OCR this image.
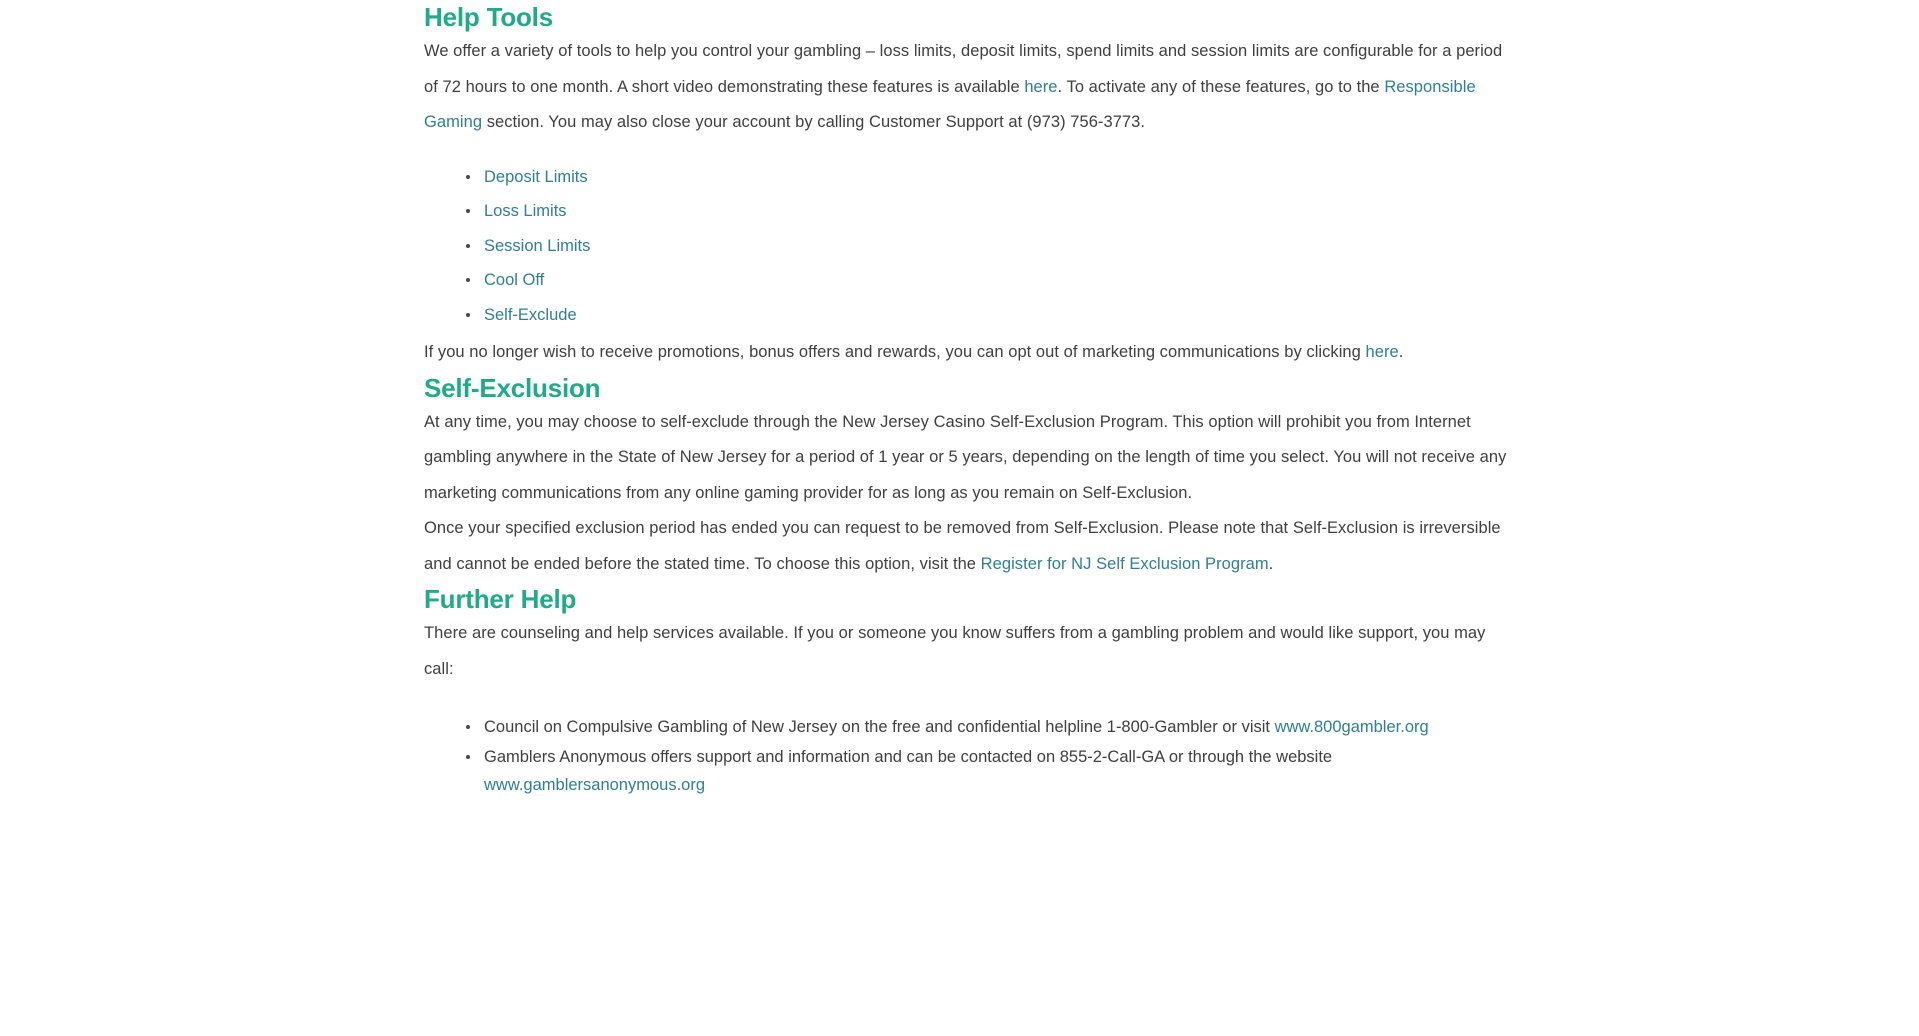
Help Tools

We offer a variety of tools to help you control your gambling – loss limits, deposit limits, spend limits and session limits are configurable for a period of 72 hours to one month. A short video demonstrating these features is available here. To activate any of these features, go to the Responsible Gaming section. You may also close your account by calling Customer Support at (973) 756-3773.

Deposit Limits
Loss Limits
Session Limits
Cool Off
Self-Exclude

If you no longer wish to receive promotions, bonus offers and rewards, you can opt out of marketing communications by clicking here.

Self-Exclusion

At any time, you may choose to self-exclude through the New Jersey Casino Self-Exclusion Program. This option will prohibit you from Internet gambling anywhere in the State of New Jersey for a period of 1 year or 5 years, depending on the length of time you select. You will not receive any marketing communications from any online gaming provider for as long as you remain on Self-Exclusion.

Once your specified exclusion period has ended you can request to be removed from Self-Exclusion. Please note that Self-Exclusion is irreversible and cannot be ended before the stated time. To choose this option, visit the Register for NJ Self Exclusion Program.

Further Help

There are counseling and help services available. If you or someone you know suffers from a gambling problem and would like support, you may call:

Council on Compulsive Gambling of New Jersey on the free and confidential helpline 1-800-Gambler or visit www.800gambler.org
Gamblers Anonymous offers support and information and can be contacted on 855-2-Call-GA or through the website www.gamblersanonymous.org
